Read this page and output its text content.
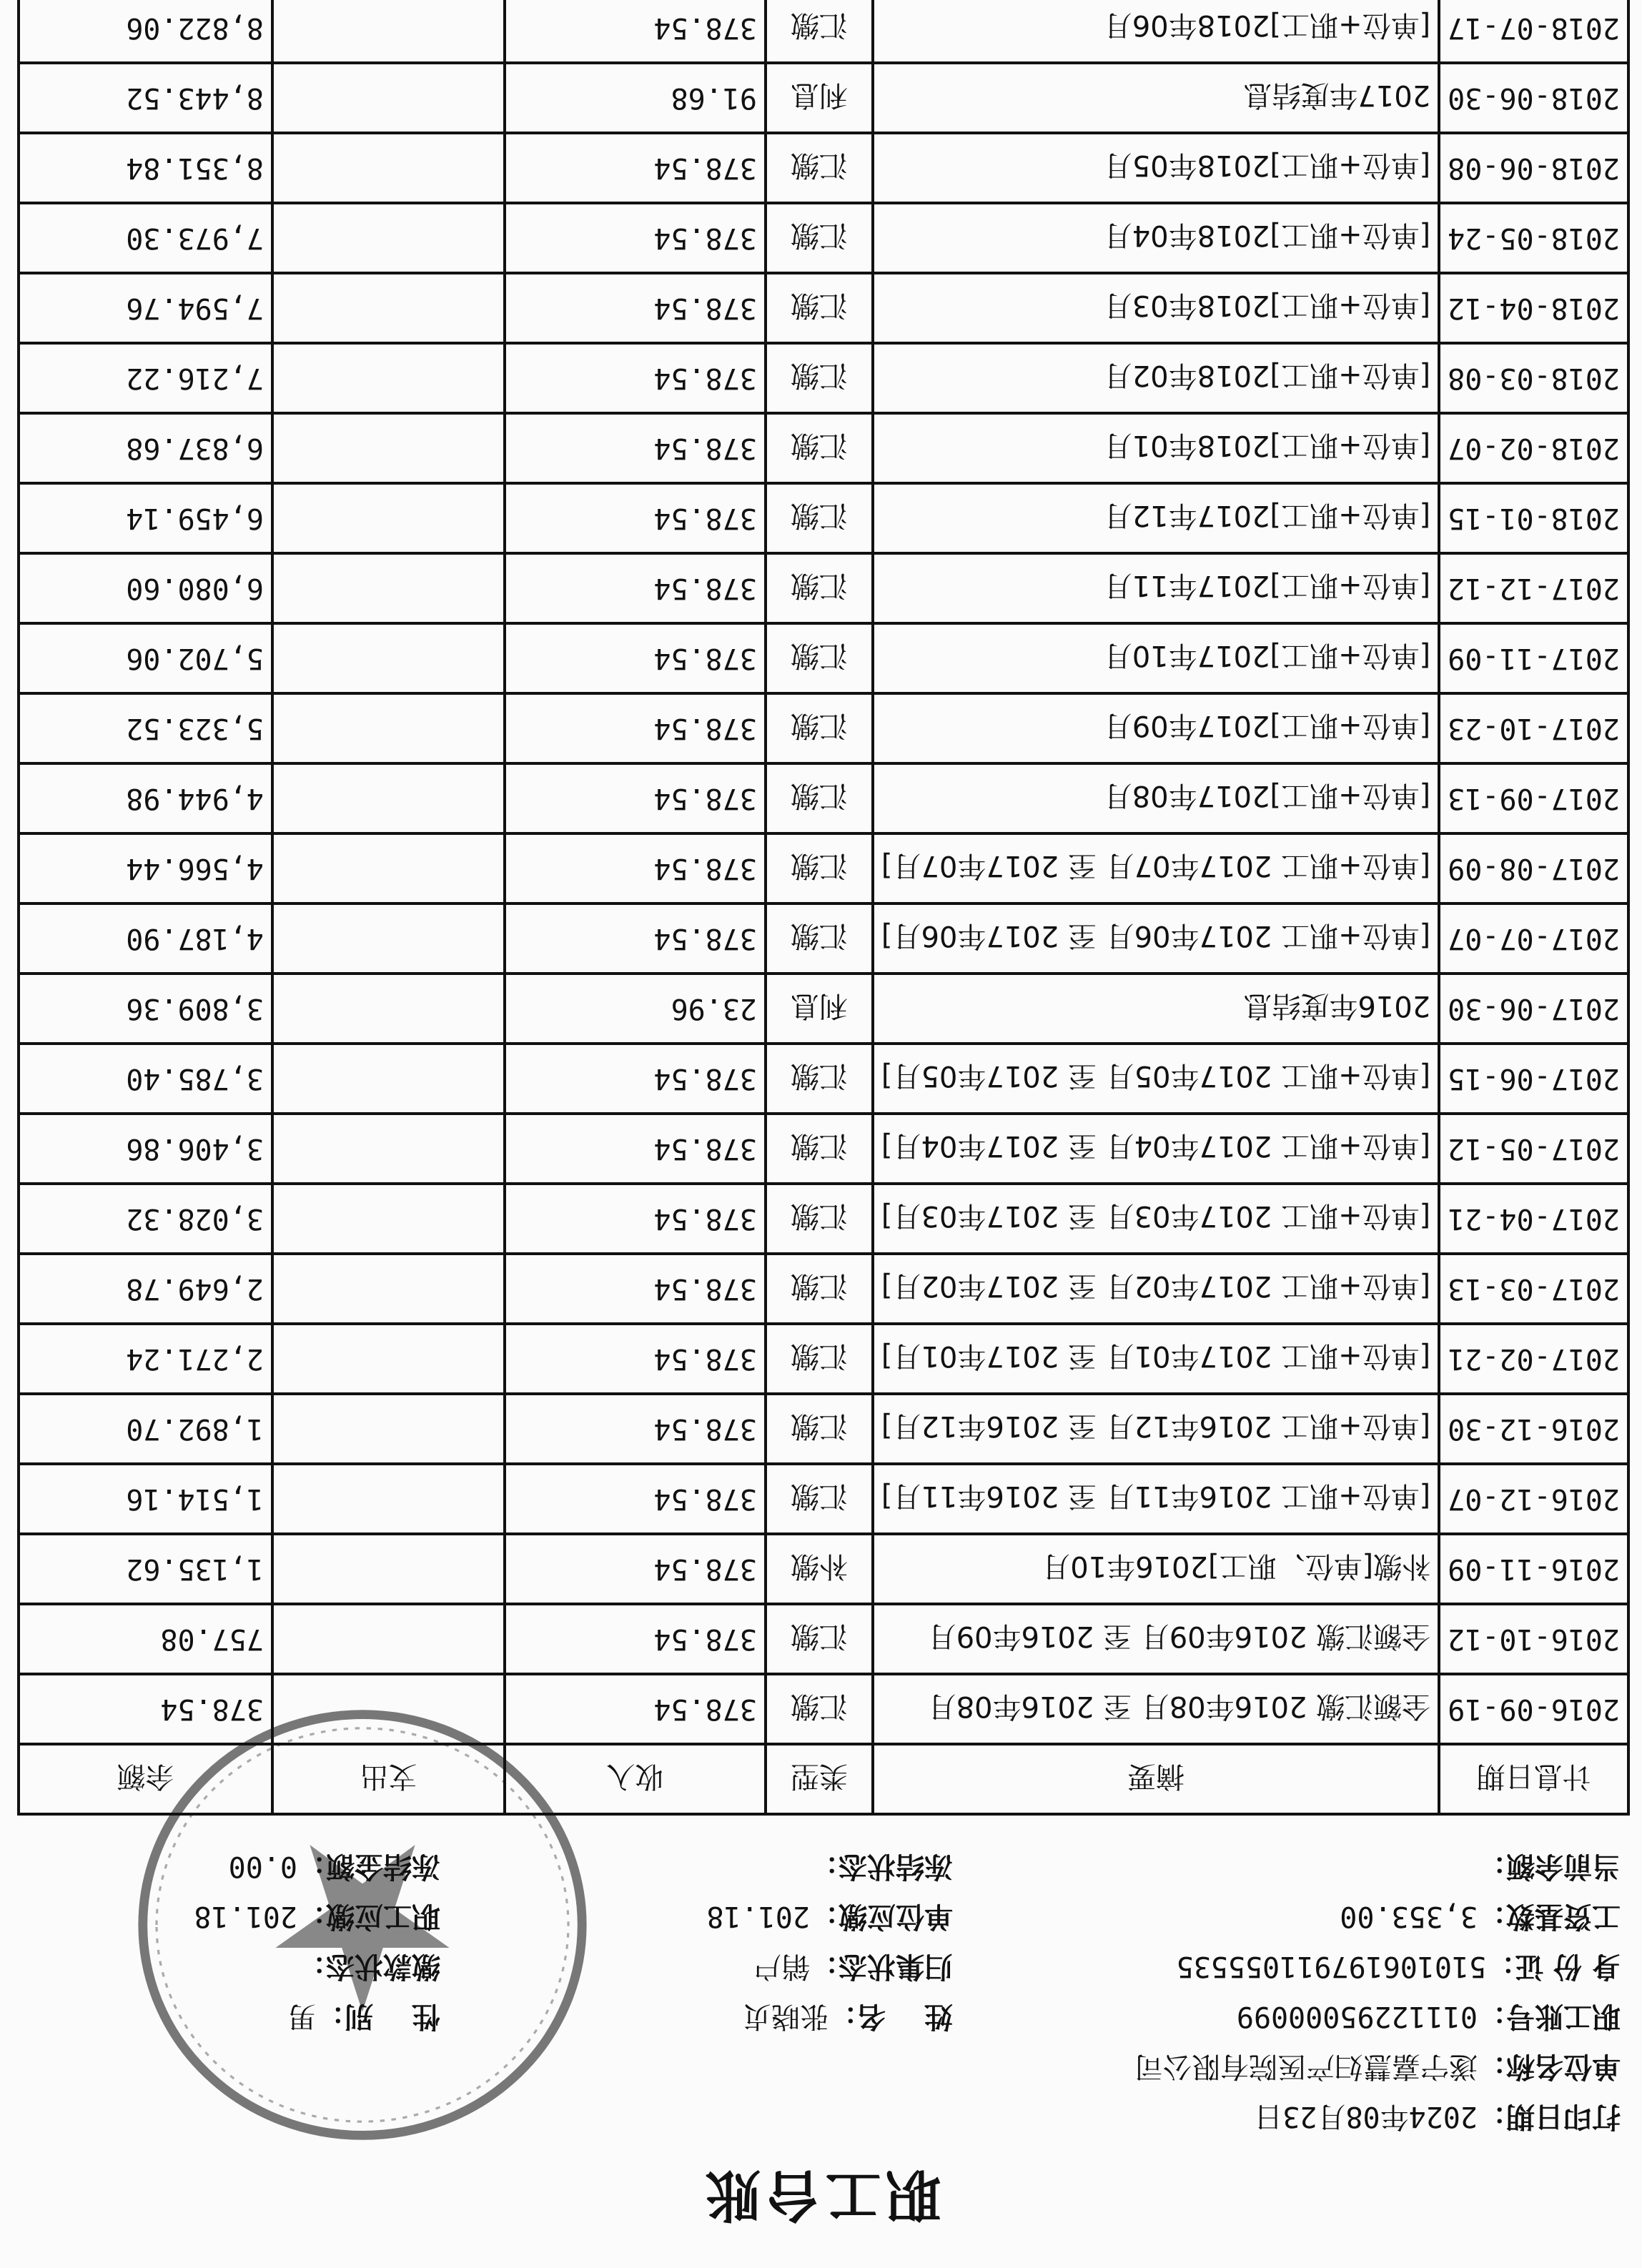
职工台账
打印日期：2024年08月23日
单位名称：遂宁嘉慧妇产医院有限公司
职工账号：01112295000099
身 份 证：510106197911055535
工资基数：3,353.00
当前余额：
姓　 名：张晓贞
归集状态：销户
单位应缴：201.18
冻结状态：
性　 别：男
缴款状态：
职工应缴：201.18
冻结金额：0.00
计息日期	摘要	类型	收入	支出	余额
2016-09-19	全额汇缴 2016年08月 至 2016年08月	汇缴	378.54		378.54
2016-10-12	全额汇缴 2016年09月 至 2016年09月	汇缴	378.54		757.08
2016-11-09	补缴[单位、职工]2016年10月	补缴	378.54		1,135.62
2016-12-07	[单位+职工 2016年11月 至 2016年11月]	汇缴	378.54		1,514.16
2016-12-30	[单位+职工 2016年12月 至 2016年12月]	汇缴	378.54		1,892.70
2017-02-21	[单位+职工 2017年01月 至 2017年01月]	汇缴	378.54		2,271.24
2017-03-13	[单位+职工 2017年02月 至 2017年02月]	汇缴	378.54		2,649.78
2017-04-21	[单位+职工 2017年03月 至 2017年03月]	汇缴	378.54		3,028.32
2017-05-12	[单位+职工 2017年04月 至 2017年04月]	汇缴	378.54		3,406.86
2017-06-15	[单位+职工 2017年05月 至 2017年05月]	汇缴	378.54		3,785.40
2017-06-30	2016年度结息	利息	23.96		3,809.36
2017-07-07	[单位+职工 2017年06月 至 2017年06月]	汇缴	378.54		4,187.90
2017-08-09	[单位+职工 2017年07月 至 2017年07月]	汇缴	378.54		4,566.44
2017-09-13	[单位+职工]2017年08月	汇缴	378.54		4,944.98
2017-10-23	[单位+职工]2017年09月	汇缴	378.54		5,323.52
2017-11-09	[单位+职工]2017年10月	汇缴	378.54		5,702.06
2017-12-12	[单位+职工]2017年11月	汇缴	378.54		6,080.60
2018-01-15	[单位+职工]2017年12月	汇缴	378.54		6,459.14
2018-02-07	[单位+职工]2018年01月	汇缴	378.54		6,837.68
2018-03-08	[单位+职工]2018年02月	汇缴	378.54		7,216.22
2018-04-12	[单位+职工]2018年03月	汇缴	378.54		7,594.76
2018-05-24	[单位+职工]2018年04月	汇缴	378.54		7,973.30
2018-06-08	[单位+职工]2018年05月	汇缴	378.54		8,351.84
2018-06-30	2017年度结息	利息	91.68		8,443.52
2018-07-17	[单位+职工]2018年06月	汇缴	378.54		8,822.06
